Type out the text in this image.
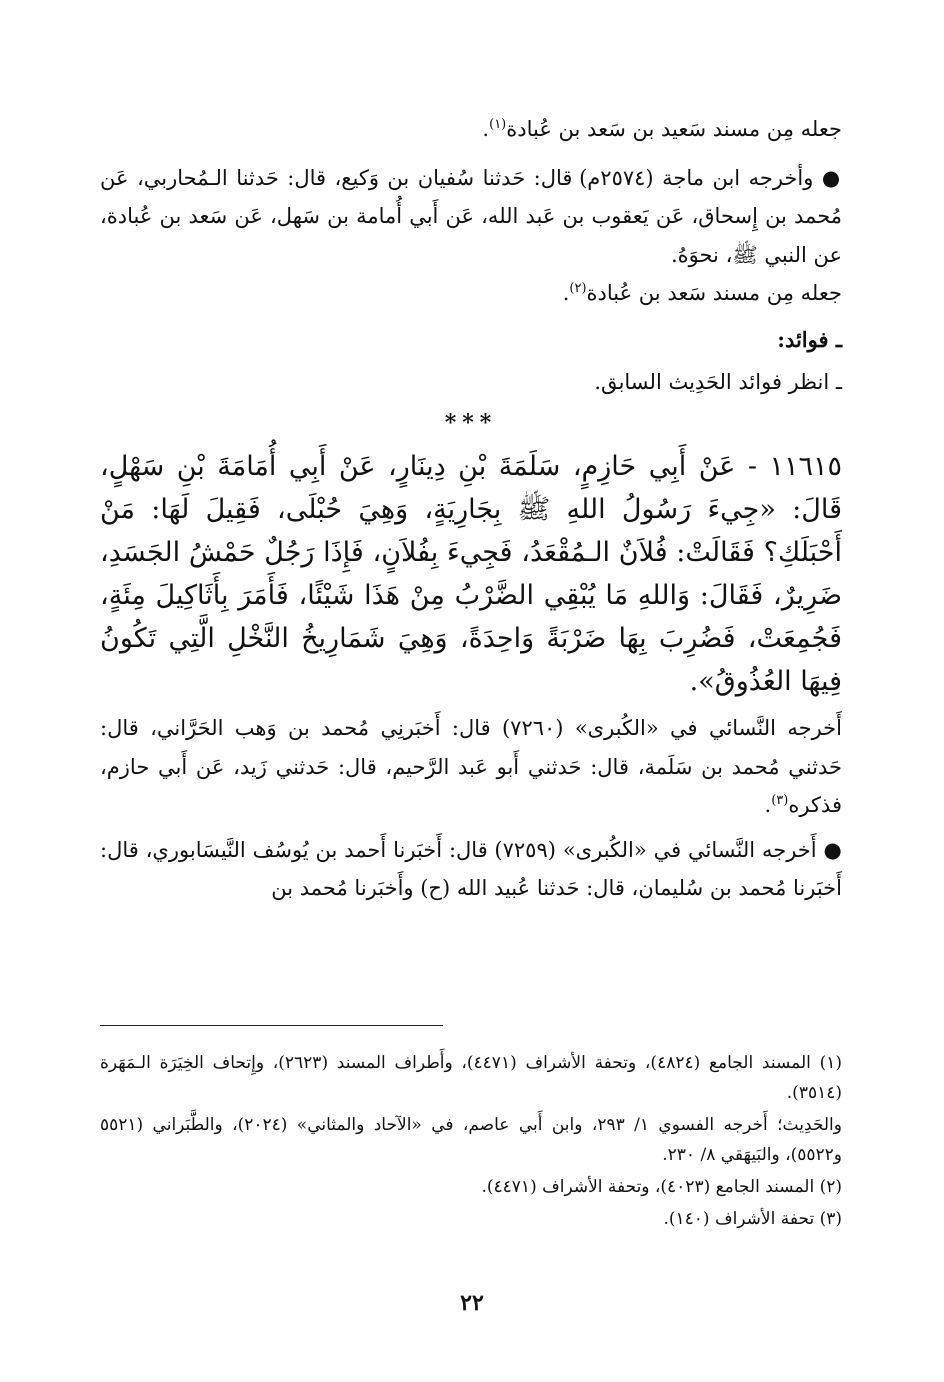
جعله مِن مسند سَعيد بن سَعد بن عُبادة$^{(١)}$.

● وأخرجه ابن ماجة (٢٥٧٤م) قال: حَدثنا سُفيان بن وَكيع، قال: حَدثنا الـمُحاربي، عَن مُحمد بن إِسحاق، عَن يَعقوب بن عَبد الله، عَن أَبي أُمامة بن سَهل، عَن سَعد بن عُبادة، عن النبي ﷺ، نحوَهُ.

جعله مِن مسند سَعد بن عُبادة$^{(٢)}$.

ـ فوائد:

ـ انظر فوائد الحَدِيث السابق.

***

١١٦١٥ - عَنْ أَبِي حَازِمٍ، سَلَمَةَ بْنِ دِينَارٍ، عَنْ أَبِي أُمَامَةَ بْنِ سَهْلٍ، قَالَ: «جِيءَ رَسُولُ اللهِ ﷺ بِجَارِيَةٍ، وَهِيَ حُبْلَى، فَقِيلَ لَهَا: مَنْ أَحْبَلَكِ؟ فَقَالَتْ: فُلاَنٌ الـمُقْعَدُ، فَجِيءَ بِفُلاَنٍ، فَإِذَا رَجُلٌ حَمْشُ الجَسَدِ، ضَرِيرٌ، فَقَالَ: وَاللهِ مَا يُبْقِي الضَّرْبُ مِنْ هَذَا شَيْئًا، فَأَمَرَ بِأَثَاكِيلَ مِئَةٍ، فَجُمِعَتْ، فَضُرِبَ بِهَا ضَرْبَةً وَاحِدَةً، وَهِيَ شَمَارِيخُ النَّخْلِ الَّتِي تَكُونُ فِيهَا العُذُوقُ».

أَخرجه النَّسائي في «الكُبرى» (٧٢٦٠) قال: أَخبَرنِي مُحمد بن وَهب الحَرَّاني، قال: حَدثني مُحمد بن سَلَمة، قال: حَدثني أَبو عَبد الرَّحيم، قال: حَدثني زَيد، عَن أَبي حازم، فذكره$^{(٣)}$.

● أَخرجه النَّسائي في «الكُبرى» (٧٢٥٩) قال: أَخبَرنا أَحمد بن يُوسُف النَّيسَابوري، قال: أَخبَرنا مُحمد بن سُليمان، قال: حَدثنا عُبيد الله (ح) وأَخبَرنا مُحمد بن

(١) المسند الجامع (٤٨٢٤)، وتحفة الأشراف (٤٤٧١)، وأَطراف المسند (٢٦٢٣)، وإِتحاف الخِيَرَة الـمَهَرة (٣٥١٤).

والحَدِيث؛ أَخرجه الفسوي ١/ ٢٩٣، وابن أَبي عاصم، في «الآحاد والمثاني» (٢٠٢٤)، والطَّبَراني (٥٥٢١ و٥٥٢٢)، والبَيهَقي ٨/ ٢٣٠.

(٢) المسند الجامع (٤٠٢٣)، وتحفة الأشراف (٤٤٧١).

(٣) تحفة الأشراف (١٤٠).

٢٢
